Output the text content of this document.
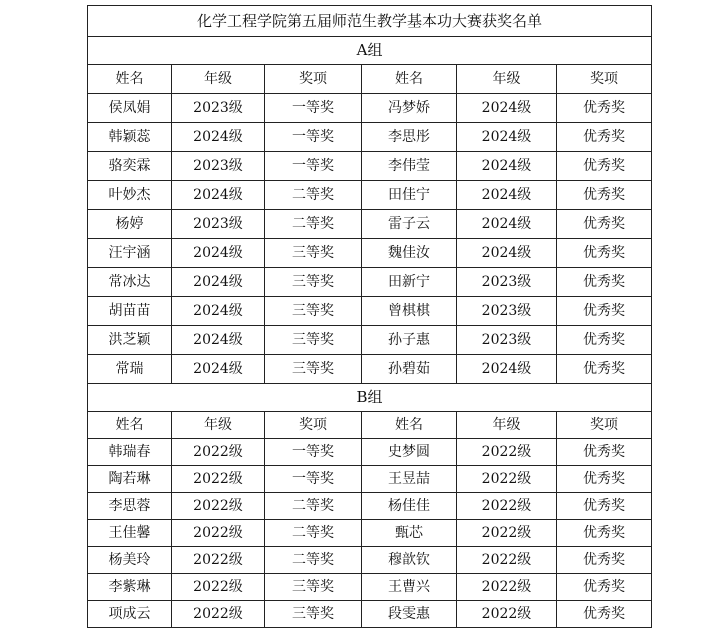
化学工程学院第五届师范生教学基本功大赛获奖名单					
A组					
姓名	年级	奖项	姓名	年级	奖项
侯凤娟	2023级	一等奖	冯梦娇	2024级	优秀奖
韩颖蕊	2024级	一等奖	李思彤	2024级	优秀奖
骆奕霖	2023级	一等奖	李伟莹	2024级	优秀奖
叶妙杰	2024级	二等奖	田佳宁	2024级	优秀奖
杨婷	2023级	二等奖	雷子云	2024级	优秀奖
汪宇涵	2024级	三等奖	魏佳汝	2024级	优秀奖
常冰达	2024级	三等奖	田新宁	2023级	优秀奖
胡苗苗	2024级	三等奖	曾棋棋	2023级	优秀奖
洪芝颖	2024级	三等奖	孙子惠	2023级	优秀奖
常瑞	2024级	三等奖	孙碧茹	2024级	优秀奖
B组					
姓名	年级	奖项	姓名	年级	奖项
韩瑞春	2022级	一等奖	史梦圆	2022级	优秀奖
陶若琳	2022级	一等奖	王昱喆	2022级	优秀奖
李思蓉	2022级	二等奖	杨佳佳	2022级	优秀奖
王佳馨	2022级	二等奖	甄芯	2022级	优秀奖
杨美玲	2022级	二等奖	穆歆钦	2022级	优秀奖
李紫琳	2022级	三等奖	王曹兴	2022级	优秀奖
项成云	2022级	三等奖	段雯惠	2022级	优秀奖
